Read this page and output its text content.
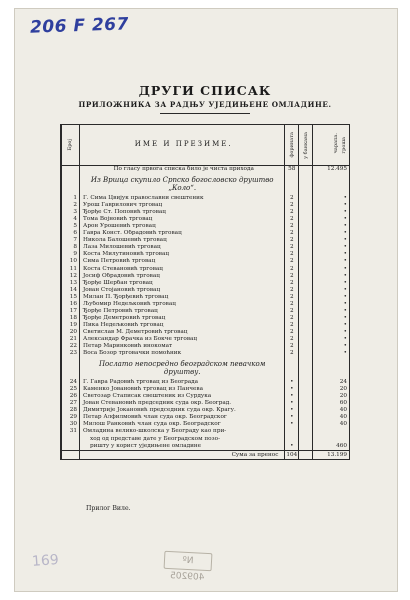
206 F 267
ДРУГИ СПИСАК
ПРИЛОЖНИКА ЗА РАДЊУ УЈЕДИЊЕНЕ ОМЛАДИНЕ.
Број	ИМЕ И ПРЕЗИМЕ.	форината	у банкама	чарапа. гроша
	По гласу првога списка било је чиста прихода	58		12.495
	Из Вршца скупило Српско богословско друштво „Коло“.			
1	Г. Сима Цвијук православни свештеник	2		•
2	Урош Гаврилович трговац	2		•
3	Ђорђе Ст. Поповић трговац	2		•
4	Тома Војновић трговац	2		•
5	Арон Урошевић трговац	2		•
6	Гавра Конст. Обрадовић трговац	2		•
7	Никола Балошевић трговац	2		•
8	Лаза Милошевић трговац	2		•
9	Коста Милутиновић трговац	2		•
10	Сима Петровић трговац	2		•
11	Коста Стевановић трговац	2		•
12	Јосиф Обрадовић трговац	2		•
13	Ђорђе Шербан трговац	2		•
14	Јован Стојановић трговац	2		•
15	Милан П. Ђорђевић трговац	2		•
16	Љубомир Недељковић трговац	2		•
17	Ђорђе Петровић трговац	2		•
18	Ђорђе Деметровић трговац	2		•
19	Пика Недељковић трговац	2		•
20	Светислав М. Деметровић трговац	2		•
21	Александар Фрачка из Бокчe трговац	2		•
22	Петар Маринковић инокомат	2		•
23	Воса Бозор трговачки помоћник	2		•
	Послато непосредно београдском певачком друштву.			
24	Г. Гавра Радовић трговац из Београда	•		24
25	Каменко Јовановић трговац из Панчева	•		20
26	Светозар Стаписак свештеник из Сурдука	•		20
27	Јован Стевановић председник суда окр. Београд.	•		60
28	Димитрије Јокановић председник суда окр. Крагу.	•		40
29	Петар Алфилмовић члан суда окр. Београдског	•		40
30	Милош Ранковић члан суда окр. Београдског	•		40
31	Омладина велико-школска у Београду као при-			
	ход од представе дате у Београдском позо-			
	ришту у корист уједињене омладине	•		460
	Сума за пренос	104		13.199
Прилог Виле.
169	Nº 409205
